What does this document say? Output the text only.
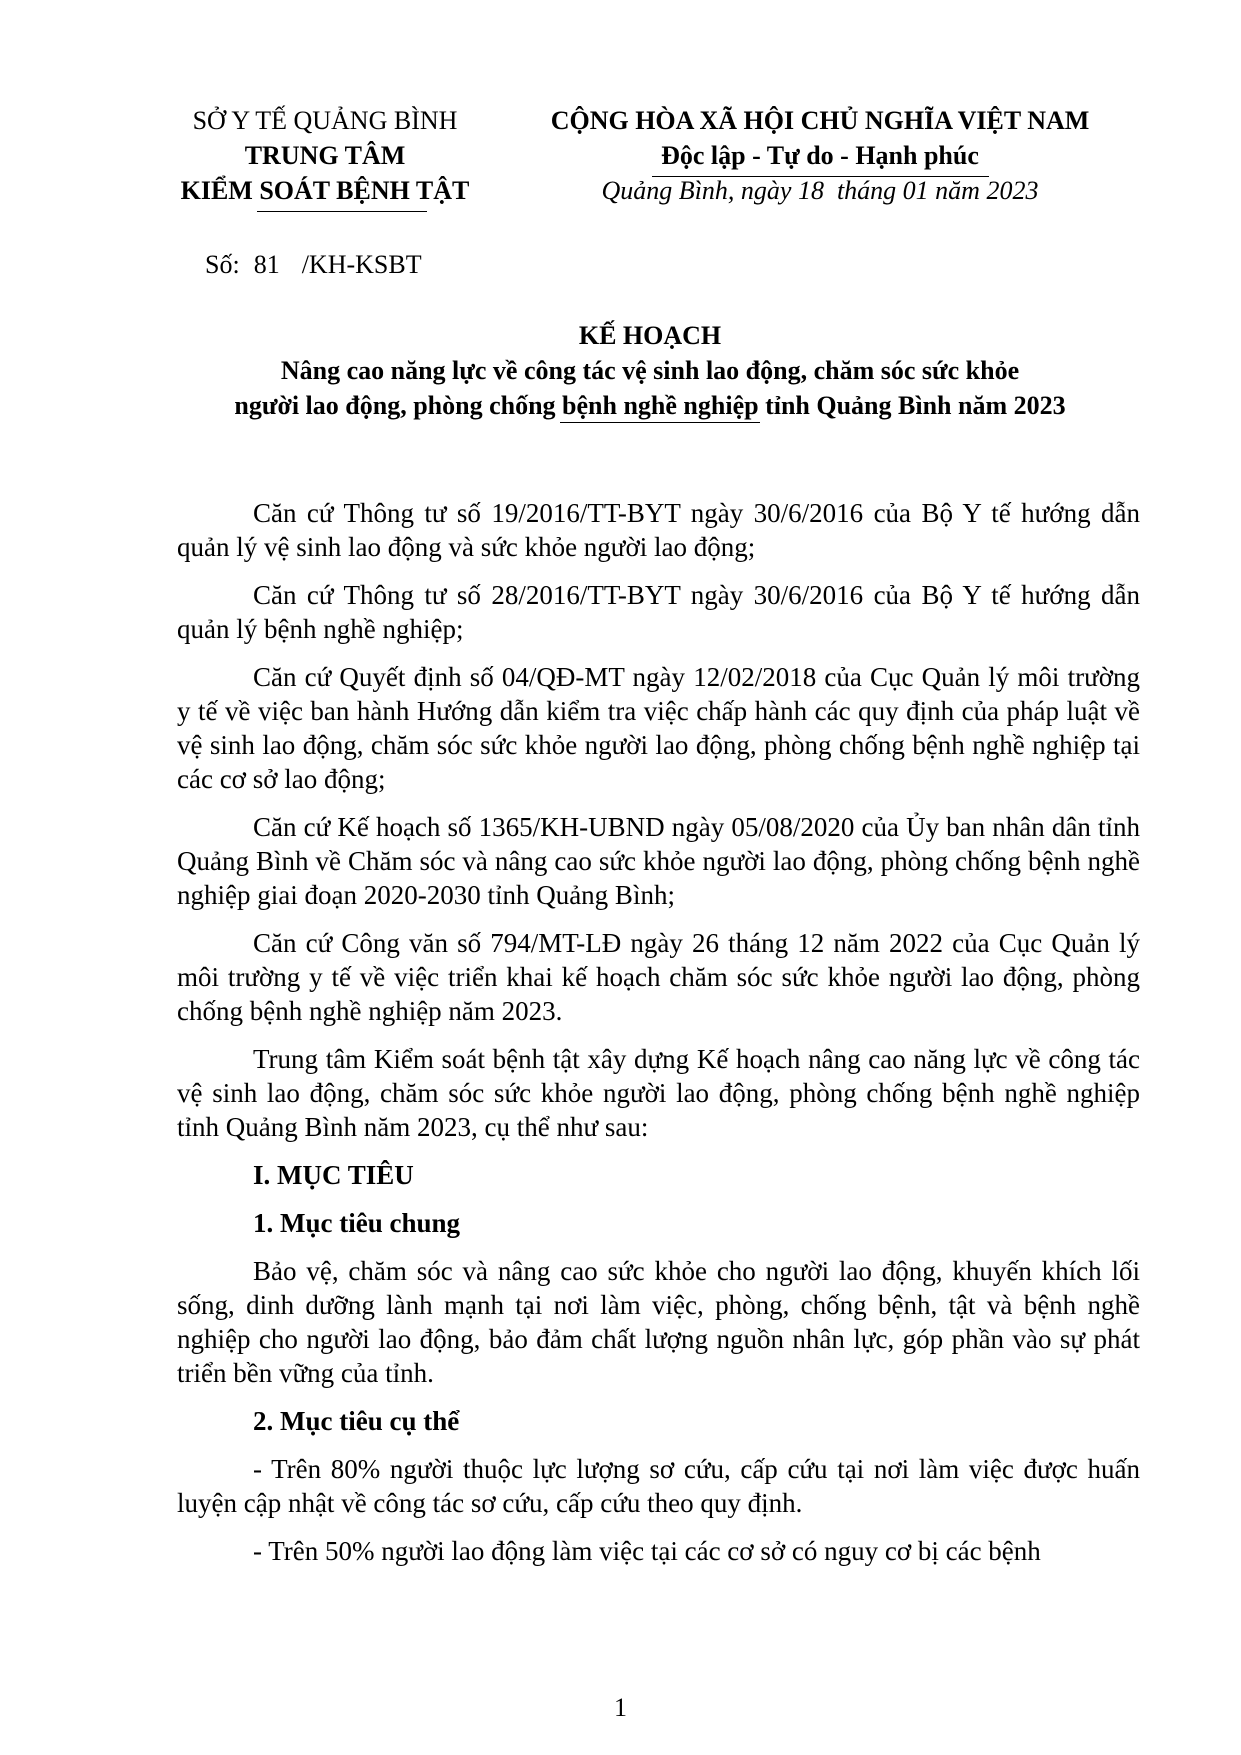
SỞ Y TẾ QUẢNG BÌNH
TRUNG TÂM
KIỂM SOÁT BỆNH TẬT
CỘNG HÒA XÃ HỘI CHỦ NGHĨA VIỆT NAM
Độc lập - Tự do - Hạnh phúc
Quảng Bình, ngày 18  tháng 01 năm 2023
Số: 81 /KH-KSBT
KẾ HOẠCH
Nâng cao năng lực về công tác vệ sinh lao động, chăm sóc sức khỏe
người lao động, phòng chống bệnh nghề nghiệp tỉnh Quảng Bình năm 2023

Căn cứ Thông tư số 19/2016/TT-BYT ngày 30/6/2016 của Bộ Y tế hướng dẫn quản lý vệ sinh lao động và sức khỏe người lao động;

Căn cứ Thông tư số 28/2016/TT-BYT ngày 30/6/2016 của Bộ Y tế hướng dẫn quản lý bệnh nghề nghiệp;

Căn cứ Quyết định số 04/QĐ-MT ngày 12/02/2018 của Cục Quản lý môi trường y tế về việc ban hành Hướng dẫn kiểm tra việc chấp hành các quy định của pháp luật về vệ sinh lao động, chăm sóc sức khỏe người lao động, phòng chống bệnh nghề nghiệp tại các cơ sở lao động;

Căn cứ Kế hoạch số 1365/KH-UBND ngày 05/08/2020 của Ủy ban nhân dân tỉnh Quảng Bình về Chăm sóc và nâng cao sức khỏe người lao động, phòng chống bệnh nghề nghiệp giai đoạn 2020-2030 tỉnh Quảng Bình;

Căn cứ Công văn số 794/MT-LĐ ngày 26 tháng 12 năm 2022 của Cục Quản lý môi trường y tế về việc triển khai kế hoạch chăm sóc sức khỏe người lao động, phòng chống bệnh nghề nghiệp năm 2023.

Trung tâm Kiểm soát bệnh tật xây dựng Kế hoạch nâng cao năng lực về công tác vệ sinh lao động, chăm sóc sức khỏe người lao động, phòng chống bệnh nghề nghiệp tỉnh Quảng Bình năm 2023, cụ thể như sau:

I. MỤC TIÊU
1. Mục tiêu chung

Bảo vệ, chăm sóc và nâng cao sức khỏe cho người lao động, khuyến khích lối sống, dinh dưỡng lành mạnh tại nơi làm việc, phòng, chống bệnh, tật và bệnh nghề nghiệp cho người lao động, bảo đảm chất lượng nguồn nhân lực, góp phần vào sự phát triển bền vững của tỉnh.

2. Mục tiêu cụ thể

- Trên 80% người thuộc lực lượng sơ cứu, cấp cứu tại nơi làm việc được huấn luyện cập nhật về công tác sơ cứu, cấp cứu theo quy định.

- Trên 50% người lao động làm việc tại các cơ sở có nguy cơ bị các bệnh

1
